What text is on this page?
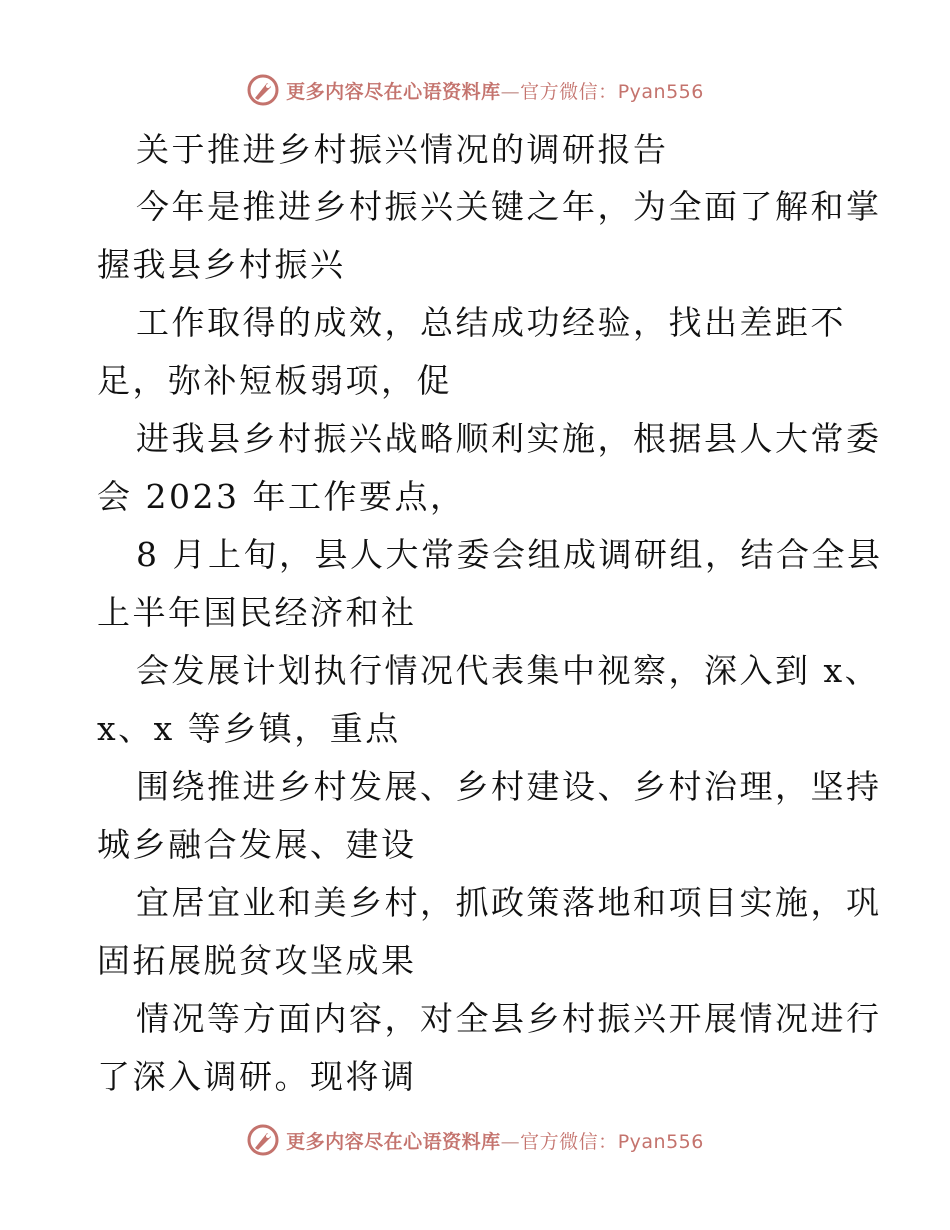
更多内容尽在心语资料库—官方微信：Pyan556
关于推进乡村振兴情况的调研报告
今年是推进乡村振兴关键之年，为全面了解和掌
握我县乡村振兴
工作取得的成效，总结成功经验，找出差距不
足，弥补短板弱项，促
进我县乡村振兴战略顺利实施，根据县人大常委
会 2023 年工作要点，
8 月上旬，县人大常委会组成调研组，结合全县
上半年国民经济和社
会发展计划执行情况代表集中视察，深入到 x、
x、x 等乡镇，重点
围绕推进乡村发展、乡村建设、乡村治理，坚持
城乡融合发展、建设
宜居宜业和美乡村，抓政策落地和项目实施，巩
固拓展脱贫攻坚成果
情况等方面内容，对全县乡村振兴开展情况进行
了深入调研。现将调
更多内容尽在心语资料库—官方微信：Pyan556
